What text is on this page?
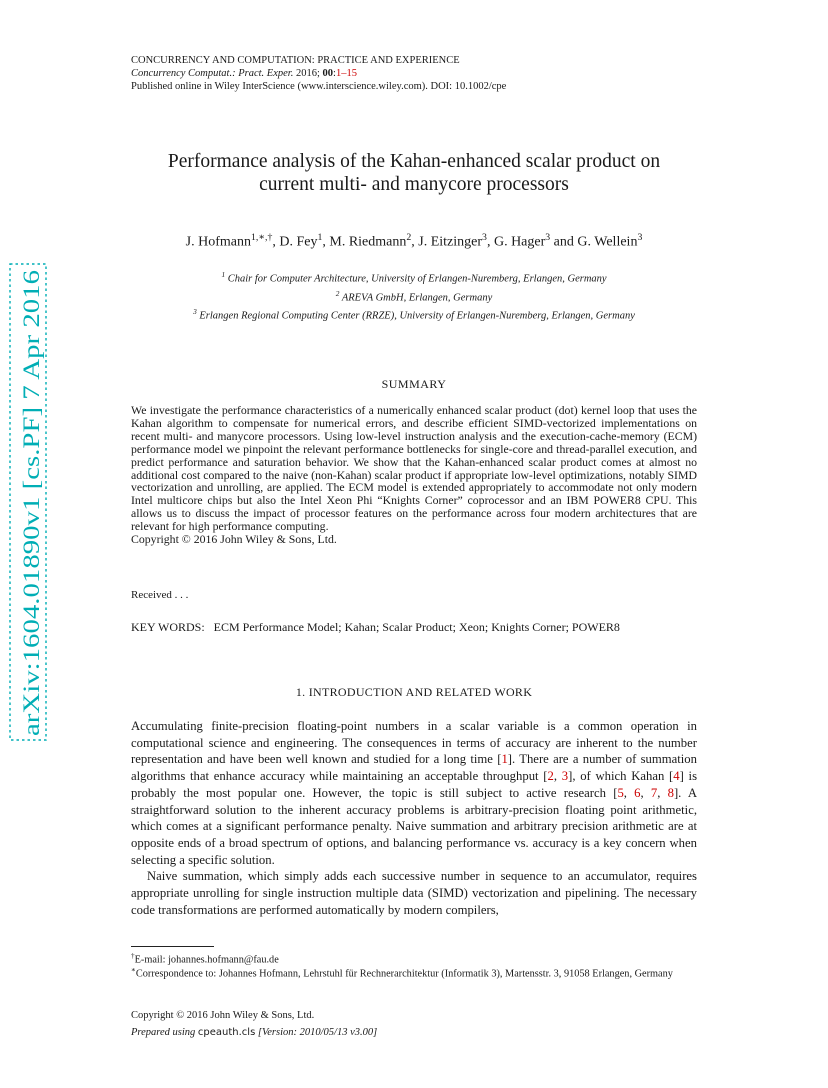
CONCURRENCY AND COMPUTATION: PRACTICE AND EXPERIENCE
Concurrency Computat.: Pract. Exper. 2016; 00:1–15
Published online in Wiley InterScience (www.interscience.wiley.com). DOI: 10.1002/cpe
arXiv:1604.01890v1 [cs.PF] 7 Apr 2016
Performance analysis of the Kahan-enhanced scalar product on
current multi- and manycore processors
J. Hofmann$^{1,∗,\dagger}$, D. Fey$^1$, M. Riedmann$^2$, J. Eitzinger$^3$, G. Hager$^3$ and G. Wellein$^3$
$^1$ Chair for Computer Architecture, University of Erlangen-Nuremberg, Erlangen, Germany
$^2$ AREVA GmbH, Erlangen, Germany
$^3$ Erlangen Regional Computing Center (RRZE), University of Erlangen-Nuremberg, Erlangen, Germany
SUMMARY
We investigate the performance characteristics of a numerically enhanced scalar product (dot) kernel loop that uses the Kahan algorithm to compensate for numerical errors, and describe efficient SIMD-vectorized implementations on recent multi- and manycore processors. Using low-level instruction analysis and the execution-cache-memory (ECM) performance model we pinpoint the relevant performance bottlenecks for single-core and thread-parallel execution, and predict performance and saturation behavior. We show that the Kahan-enhanced scalar product comes at almost no additional cost compared to the naive (non-Kahan) scalar product if appropriate low-level optimizations, notably SIMD vectorization and unrolling, are applied. The ECM model is extended appropriately to accommodate not only modern Intel multicore chips but also the Intel Xeon Phi “Knights Corner” coprocessor and an IBM POWER8 CPU. This allows us to discuss the impact of processor features on the performance across four modern architectures that are relevant for high performance computing.
Copyright © 2016 John Wiley & Sons, Ltd.
Received . . .
KEY WORDS: ECM Performance Model; Kahan; Scalar Product; Xeon; Knights Corner; POWER8
1. INTRODUCTION AND RELATED WORK

Accumulating finite-precision floating-point numbers in a scalar variable is a common operation in computational science and engineering. The consequences in terms of accuracy are inherent to the number representation and have been well known and studied for a long time [1]. There are a number of summation algorithms that enhance accuracy while maintaining an acceptable throughput [2, 3], of which Kahan [4] is probably the most popular one. However, the topic is still subject to active research [5, 6, 7, 8]. A straightforward solution to the inherent accuracy problems is arbitrary-precision floating point arithmetic, which comes at a significant performance penalty. Naive summation and arbitrary precision arithmetic are at opposite ends of a broad spectrum of options, and balancing performance vs. accuracy is a key concern when selecting a specific solution.

Naive summation, which simply adds each successive number in sequence to an accumulator, requires appropriate unrolling for single instruction multiple data (SIMD) vectorization and pipelining. The necessary code transformations are performed automatically by modern compilers,

†E-mail: johannes.hofmann@fau.de
∗Correspondence to: Johannes Hofmann, Lehrstuhl für Rechnerarchitektur (Informatik 3), Martensstr. 3, 91058 Erlangen, Germany
Copyright © 2016 John Wiley & Sons, Ltd.
Prepared using cpeauth.cls [Version: 2010/05/13 v3.00]
